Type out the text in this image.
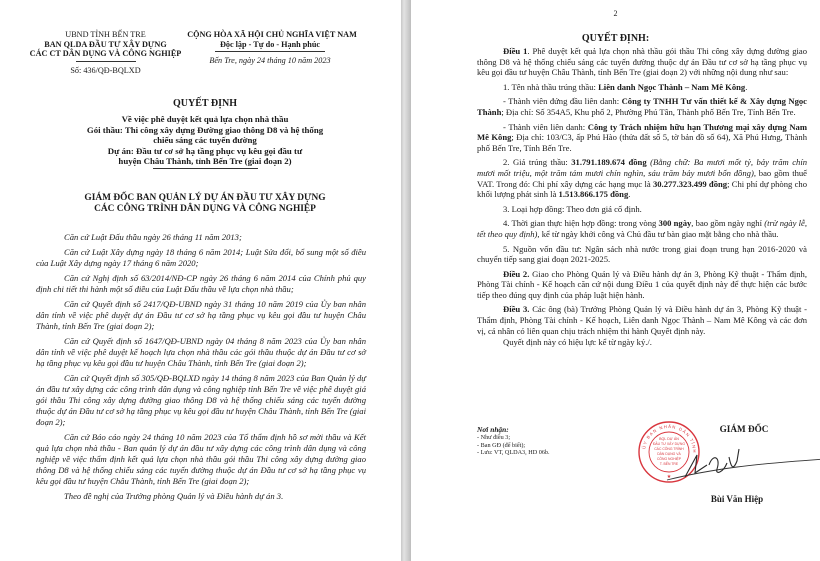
UBND TỈNH BẾN TRE
BAN QLDA ĐẦU TƯ XÂY DỰNG
CÁC CT DÂN DỤNG VÀ CÔNG NGHIỆP
Số: 436/QĐ-BQLXD
CỘNG HÒA XÃ HỘI CHỦ NGHĨA VIỆT NAM
Độc lập - Tự do - Hạnh phúc
Bến Tre, ngày 24 tháng 10 năm 2023
QUYẾT ĐỊNH
Về việc phê duyệt kết quả lựa chọn nhà thầu
Gói thầu: Thi công xây dựng Đường giao thông D8 và hệ thống
chiếu sáng các tuyến đường
Dự án: Đầu tư cơ sở hạ tầng phục vụ kêu gọi đầu tư
huyện Châu Thành, tỉnh Bến Tre (giai đoạn 2)
GIÁM ĐỐC BAN QUẢN LÝ DỰ ÁN ĐẦU TƯ XÂY DỰNG
CÁC CÔNG TRÌNH DÂN DỤNG VÀ CÔNG NGHIỆP

Căn cứ Luật Đấu thầu ngày 26 tháng 11 năm 2013;

Căn cứ Luật Xây dựng ngày 18 tháng 6 năm 2014; Luật Sửa đổi, bổ sung một số điều của Luật Xây dựng ngày 17 tháng 6 năm 2020;

Căn cứ Nghị định số 63/2014/NĐ-CP ngày 26 tháng 6 năm 2014 của Chính phủ quy định chi tiết thi hành một số điều của Luật Đấu thầu về lựa chọn nhà thầu;

Căn cứ Quyết định số 2417/QĐ-UBND ngày 31 tháng 10 năm 2019 của Ủy ban nhân dân tỉnh về việc phê duyệt dự án Đầu tư cơ sở hạ tầng phục vụ kêu gọi đầu tư huyện Châu Thành, tỉnh Bến Tre (giai đoạn 2);

Căn cứ Quyết định số 1647/QĐ-UBND ngày 04 tháng 8 năm 2023 của Ủy ban nhân dân tỉnh về việc phê duyệt kế hoạch lựa chọn nhà thầu các gói thầu thuộc dự án Đầu tư cơ sở hạ tầng phục vụ kêu gọi đầu tư huyện Châu Thành, tỉnh Bến Tre (giai đoạn 2);

Căn cứ Quyết định số 305/QĐ-BQLXD ngày 14 tháng 8 năm 2023 của Ban Quản lý dự án đầu tư xây dựng các công trình dân dụng và công nghiệp tỉnh Bến Tre về việc phê duyệt giá gói thầu Thi công xây dựng đường giao thông D8 và hệ thống chiếu sáng các tuyến đường thuộc dự án Đầu tư cơ sở hạ tầng phục vụ kêu gọi đầu tư huyện Châu Thành, tỉnh Bến Tre (giai đoạn 2);

Căn cứ Báo cáo ngày 24 tháng 10 năm 2023 của Tổ thẩm định hồ sơ mời thầu và Kết quả lựa chọn nhà thầu - Ban quản lý dự án đầu tư xây dựng các công trình dân dụng và công nghiệp về việc thẩm định kết quả lựa chọn nhà thầu gói thầu Thi công xây dựng đường giao thông D8 và hệ thống chiếu sáng các tuyến đường thuộc dự án Đầu tư cơ sở hạ tầng phục vụ kêu gọi đầu tư huyện Châu Thành, tỉnh Bến Tre (giai đoạn 2);

Theo đề nghị của Trưởng phòng Quản lý và Điều hành dự án 3.

2
QUYẾT ĐỊNH:

Điều 1. Phê duyệt kết quả lựa chọn nhà thầu gói thầu Thi công xây dựng đường giao thông D8 và hệ thống chiếu sáng các tuyến đường thuộc dự án Đầu tư cơ sở hạ tầng phục vụ kêu gọi đầu tư huyện Châu Thành, tỉnh Bến Tre (giai đoạn 2) với những nội dung như sau:

1. Tên nhà thầu trúng thầu: Liên danh Ngọc Thành – Nam Mê Kông.

- Thành viên đứng đầu liên danh: Công ty TNHH Tư vấn thiết kế & Xây dựng Ngọc Thành; Địa chỉ: Số 354A5, Khu phố 2, Phường Phú Tân, Thành phố Bến Tre, Tỉnh Bến Tre.

- Thành viên liên danh: Công ty Trách nhiệm hữu hạn Thương mại xây dựng Nam Mê Kông; Địa chỉ: 103/C3, ấp Phú Hào (thửa đất số 5, tờ bản đồ số 64), Xã Phú Hưng, Thành phố Bến Tre, Tỉnh Bến Tre.

2. Giá trúng thầu: 31.791.189.674 đồng (Bằng chữ: Ba mươi mốt tỷ, bảy trăm chín mươi mốt triệu, một trăm tám mươi chín nghìn, sáu trăm bảy mươi bốn đồng), bao gồm thuế VAT. Trong đó: Chi phí xây dựng các hạng mục là 30.277.323.499 đồng; Chi phí dự phòng cho khối lượng phát sinh là 1.513.866.175 đồng.

3. Loại hợp đồng: Theo đơn giá cố định.

4. Thời gian thực hiện hợp đồng: trong vòng 300 ngày, bao gồm ngày nghỉ (trừ ngày lễ, tết theo quy định), kể từ ngày khởi công và Chủ đầu tư bàn giao mặt bằng cho nhà thầu.

5. Nguồn vốn đầu tư: Ngân sách nhà nước trong giai đoạn trung hạn 2016-2020 và chuyển tiếp sang giai đoạn 2021-2025.

Điều 2. Giao cho Phòng Quản lý và Điều hành dự án 3, Phòng Kỹ thuật - Thẩm định, Phòng Tài chính - Kế hoạch căn cứ nội dung Điều 1 của quyết định này để thực hiện các bước tiếp theo đúng quy định của pháp luật hiện hành.

Điều 3. Các ông (bà) Trưởng Phòng Quản lý và Điều hành dự án 3, Phòng Kỹ thuật - Thẩm định, Phòng Tài chính - Kế hoạch, Liên danh Ngọc Thành – Nam Mê Kông và các đơn vị, cá nhân có liên quan chịu trách nhiệm thi hành Quyết định này.

Quyết định này có hiệu lực kể từ ngày ký./.

Nơi nhận:
- Như điều 3;
- Ban GĐ (để biết);
- Lưu: VT, QLDA3, HD 06b.
BQL DỰ ÁN
ĐẦU TƯ XÂY DỰNG
CÁC CÔNG TRÌNH
DÂN DỤNG VÀ
CÔNG NGHIỆP
T. BẾN TRE
★
ỦY BAN NHÂN DÂN TỈNH
GIÁM ĐỐC
Bùi Văn Hiệp
